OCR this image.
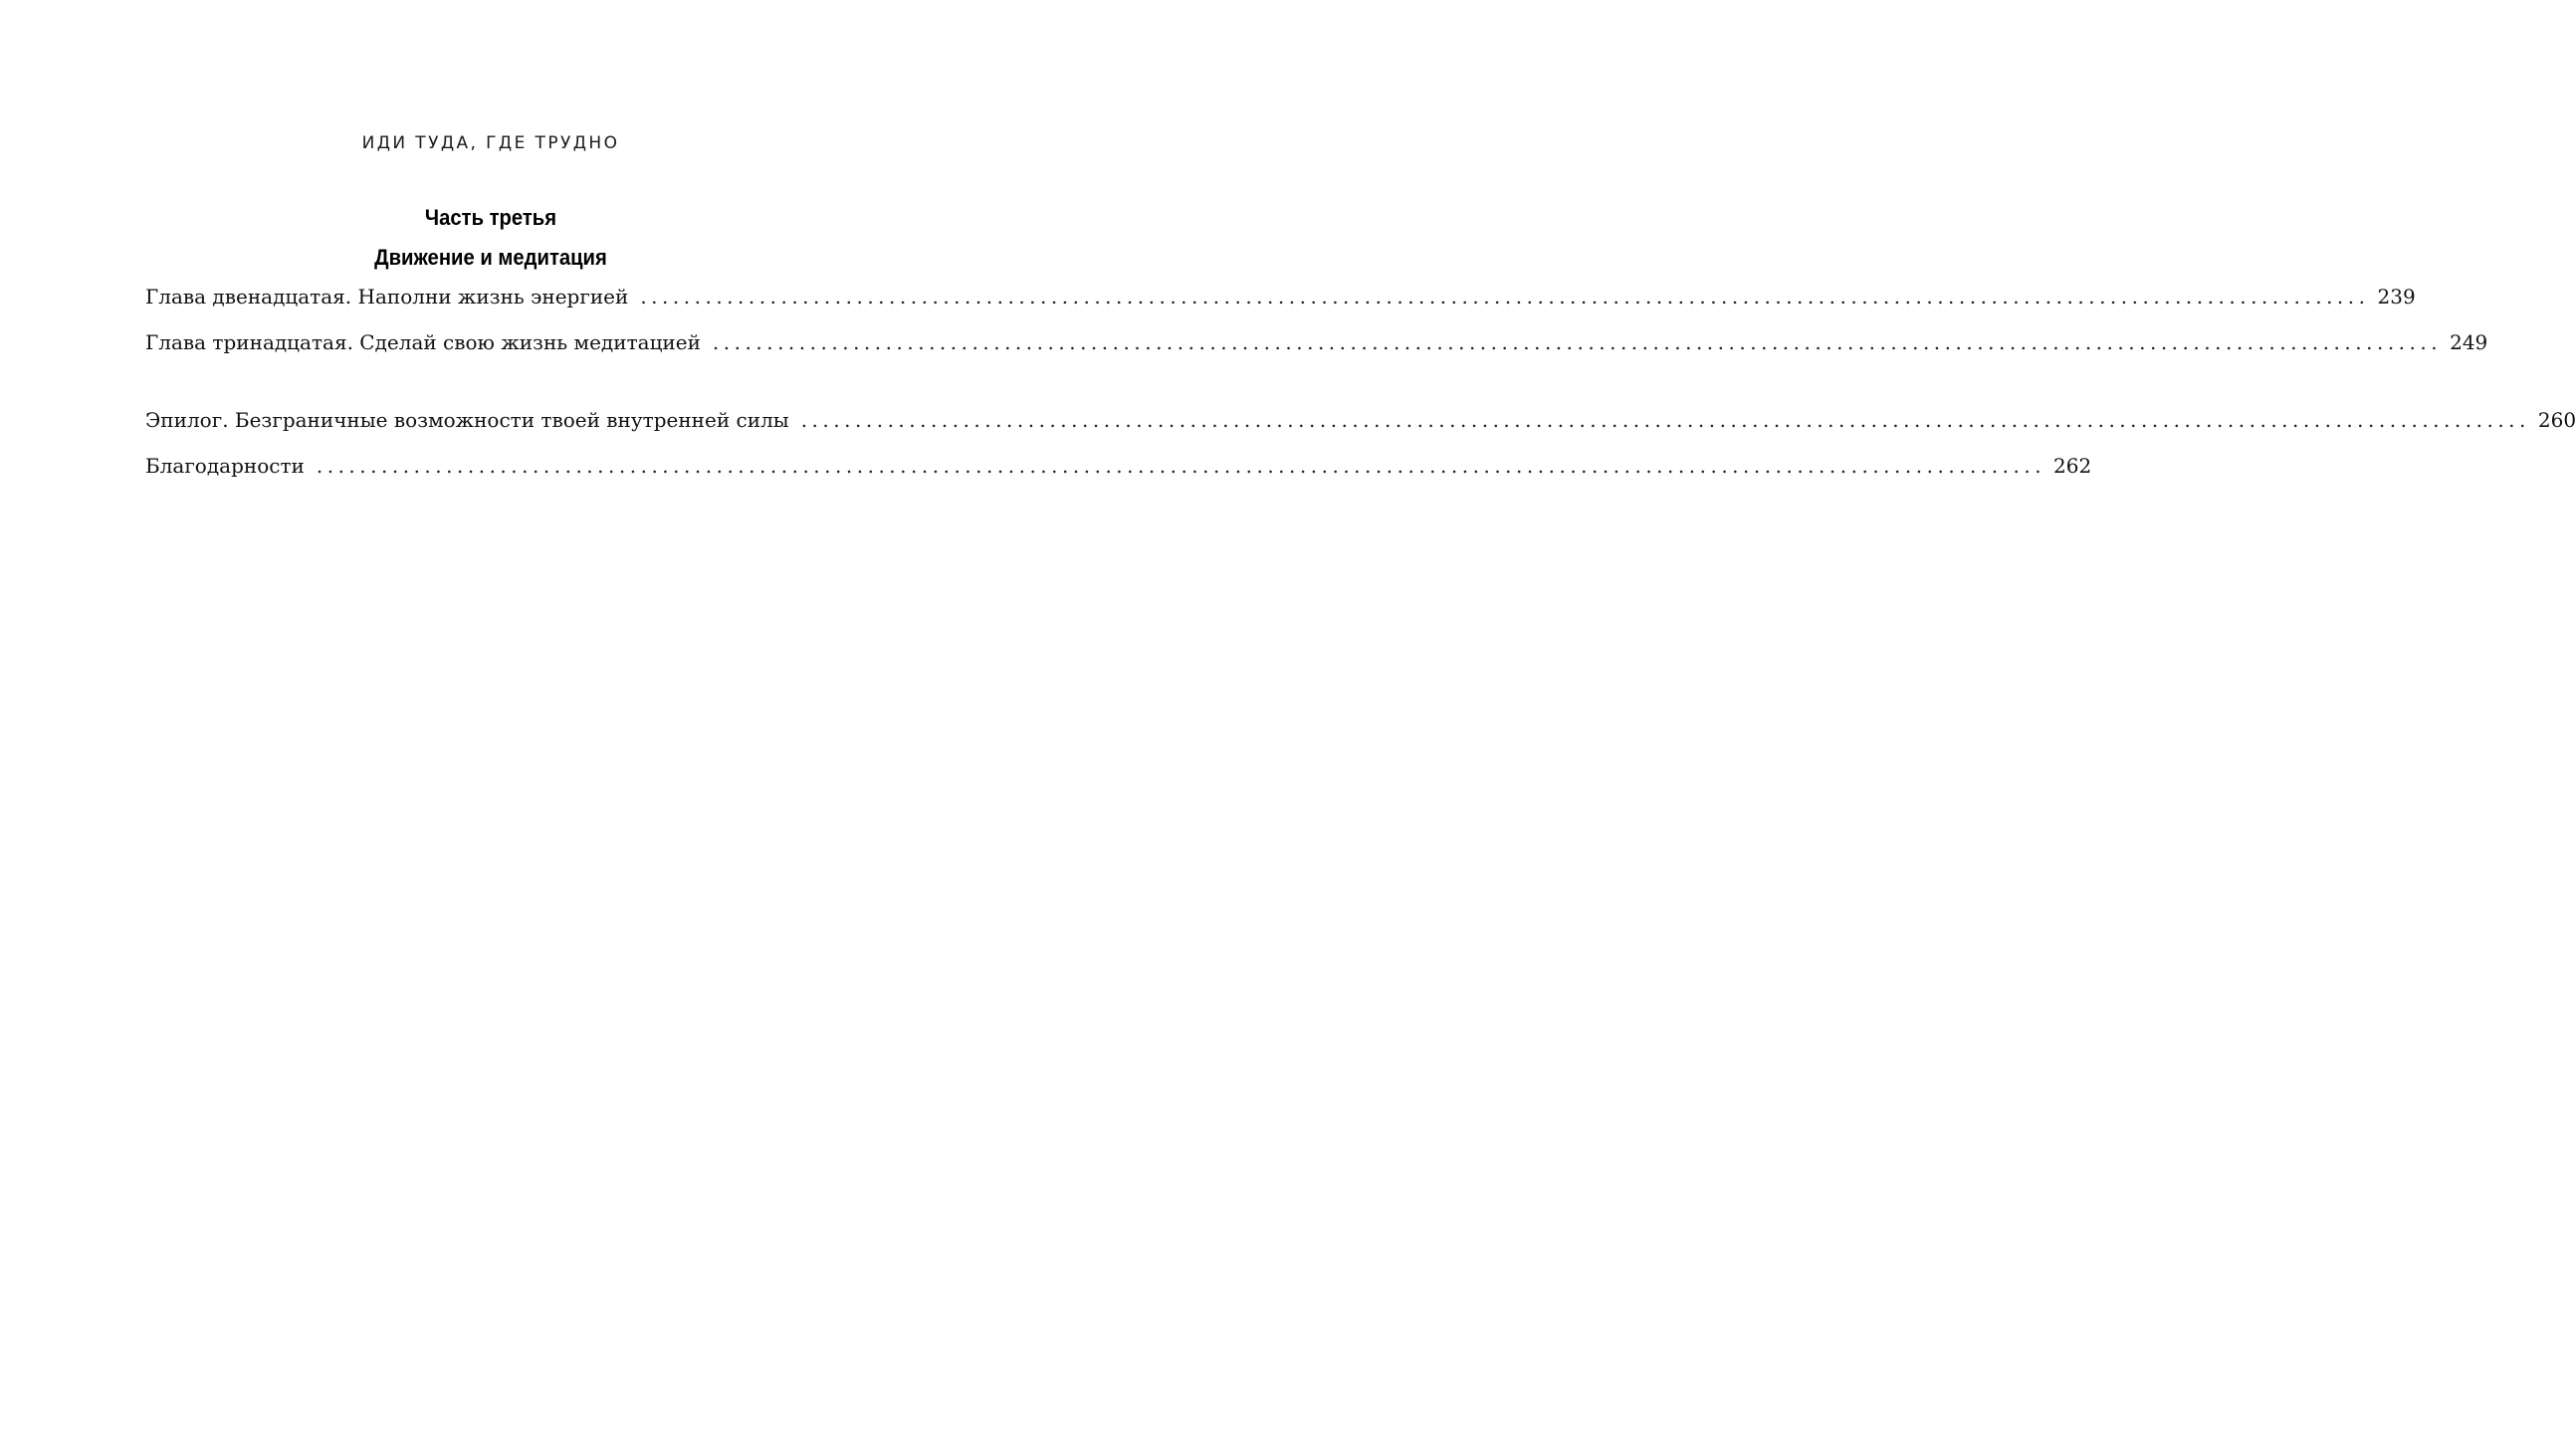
ИДИ ТУДА, ГДЕ ТРУДНО
Часть третья
Движение и медитация
Глава двенадцатая. Наполни жизнь энергией ................................................................................................................................................................ 239
Глава тринадцатая. Сделай свою жизнь медитацией ................................................................................................................................................................ 249
Эпилог. Безграничные возможности твоей внутренней силы ................................................................................................................................................................ 260
Благодарности ................................................................................................................................................................ 262
